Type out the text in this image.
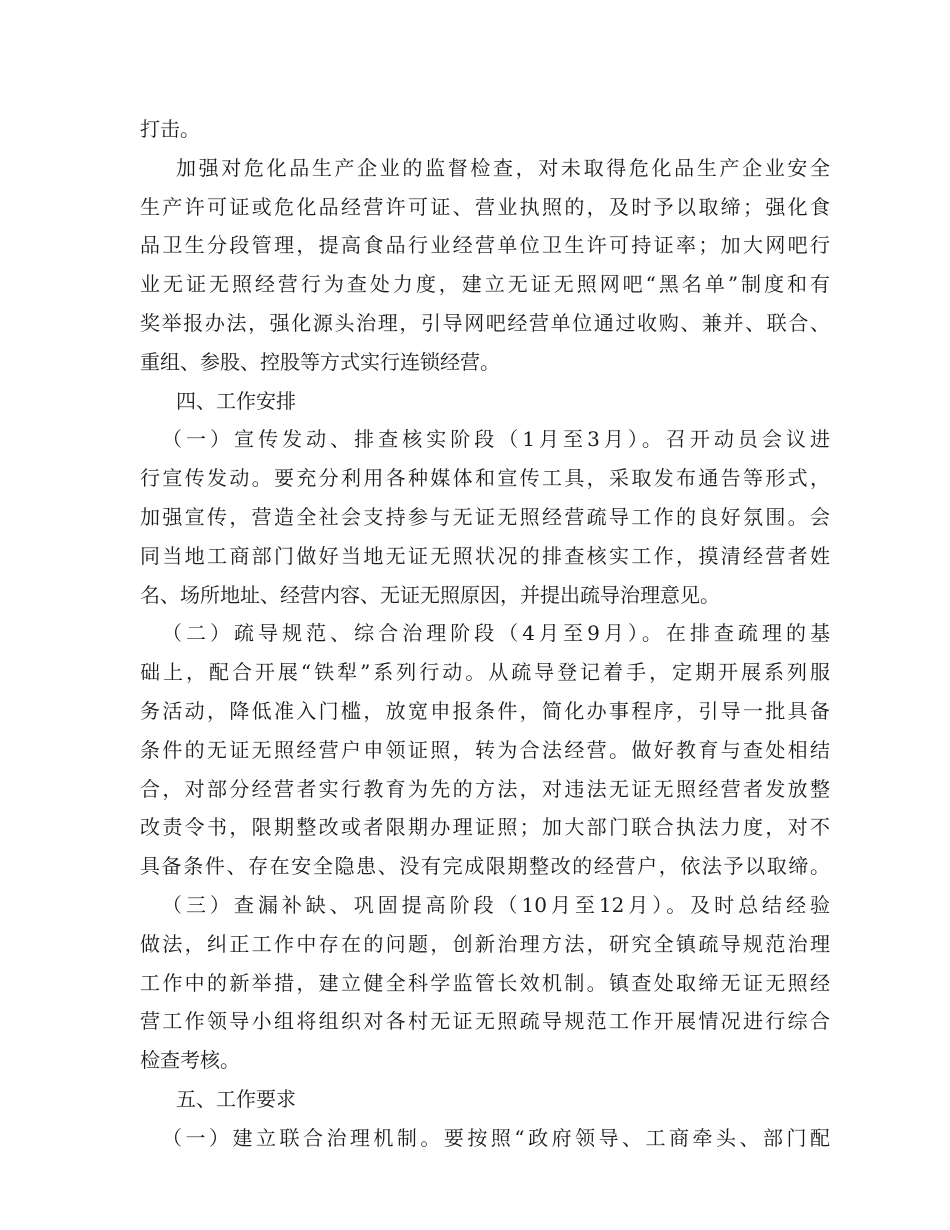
打击。
加强对危化品生产企业的监督检查，对未取得危化品生产企业安全
生产许可证或危化品经营许可证、营业执照的，及时予以取缔；强化食
品卫生分段管理，提高食品行业经营单位卫生许可持证率；加大网吧行
业无证无照经营行为查处力度，建立无证无照网吧“黑名单”制度和有
奖举报办法，强化源头治理，引导网吧经营单位通过收购、兼并、联合、
重组、参股、控股等方式实行连锁经营。
四、工作安排
（一）宣传发动、排查核实阶段（1月至3月）。召开动员会议进
行宣传发动。要充分利用各种媒体和宣传工具，采取发布通告等形式，
加强宣传，营造全社会支持参与无证无照经营疏导工作的良好氛围。会
同当地工商部门做好当地无证无照状况的排查核实工作，摸清经营者姓
名、场所地址、经营内容、无证无照原因，并提出疏导治理意见。
（二）疏导规范、综合治理阶段（4月至9月）。在排查疏理的基
础上，配合开展“铁犁”系列行动。从疏导登记着手，定期开展系列服
务活动，降低准入门槛，放宽申报条件，简化办事程序，引导一批具备
条件的无证无照经营户申领证照，转为合法经营。做好教育与查处相结
合，对部分经营者实行教育为先的方法，对违法无证无照经营者发放整
改责令书，限期整改或者限期办理证照；加大部门联合执法力度，对不
具备条件、存在安全隐患、没有完成限期整改的经营户，依法予以取缔。
（三）查漏补缺、巩固提高阶段（10月至12月）。及时总结经验
做法，纠正工作中存在的问题，创新治理方法，研究全镇疏导规范治理
工作中的新举措，建立健全科学监管长效机制。镇查处取缔无证无照经
营工作领导小组将组织对各村无证无照疏导规范工作开展情况进行综合
检查考核。
五、工作要求
（一）建立联合治理机制。要按照“政府领导、工商牵头、部门配
